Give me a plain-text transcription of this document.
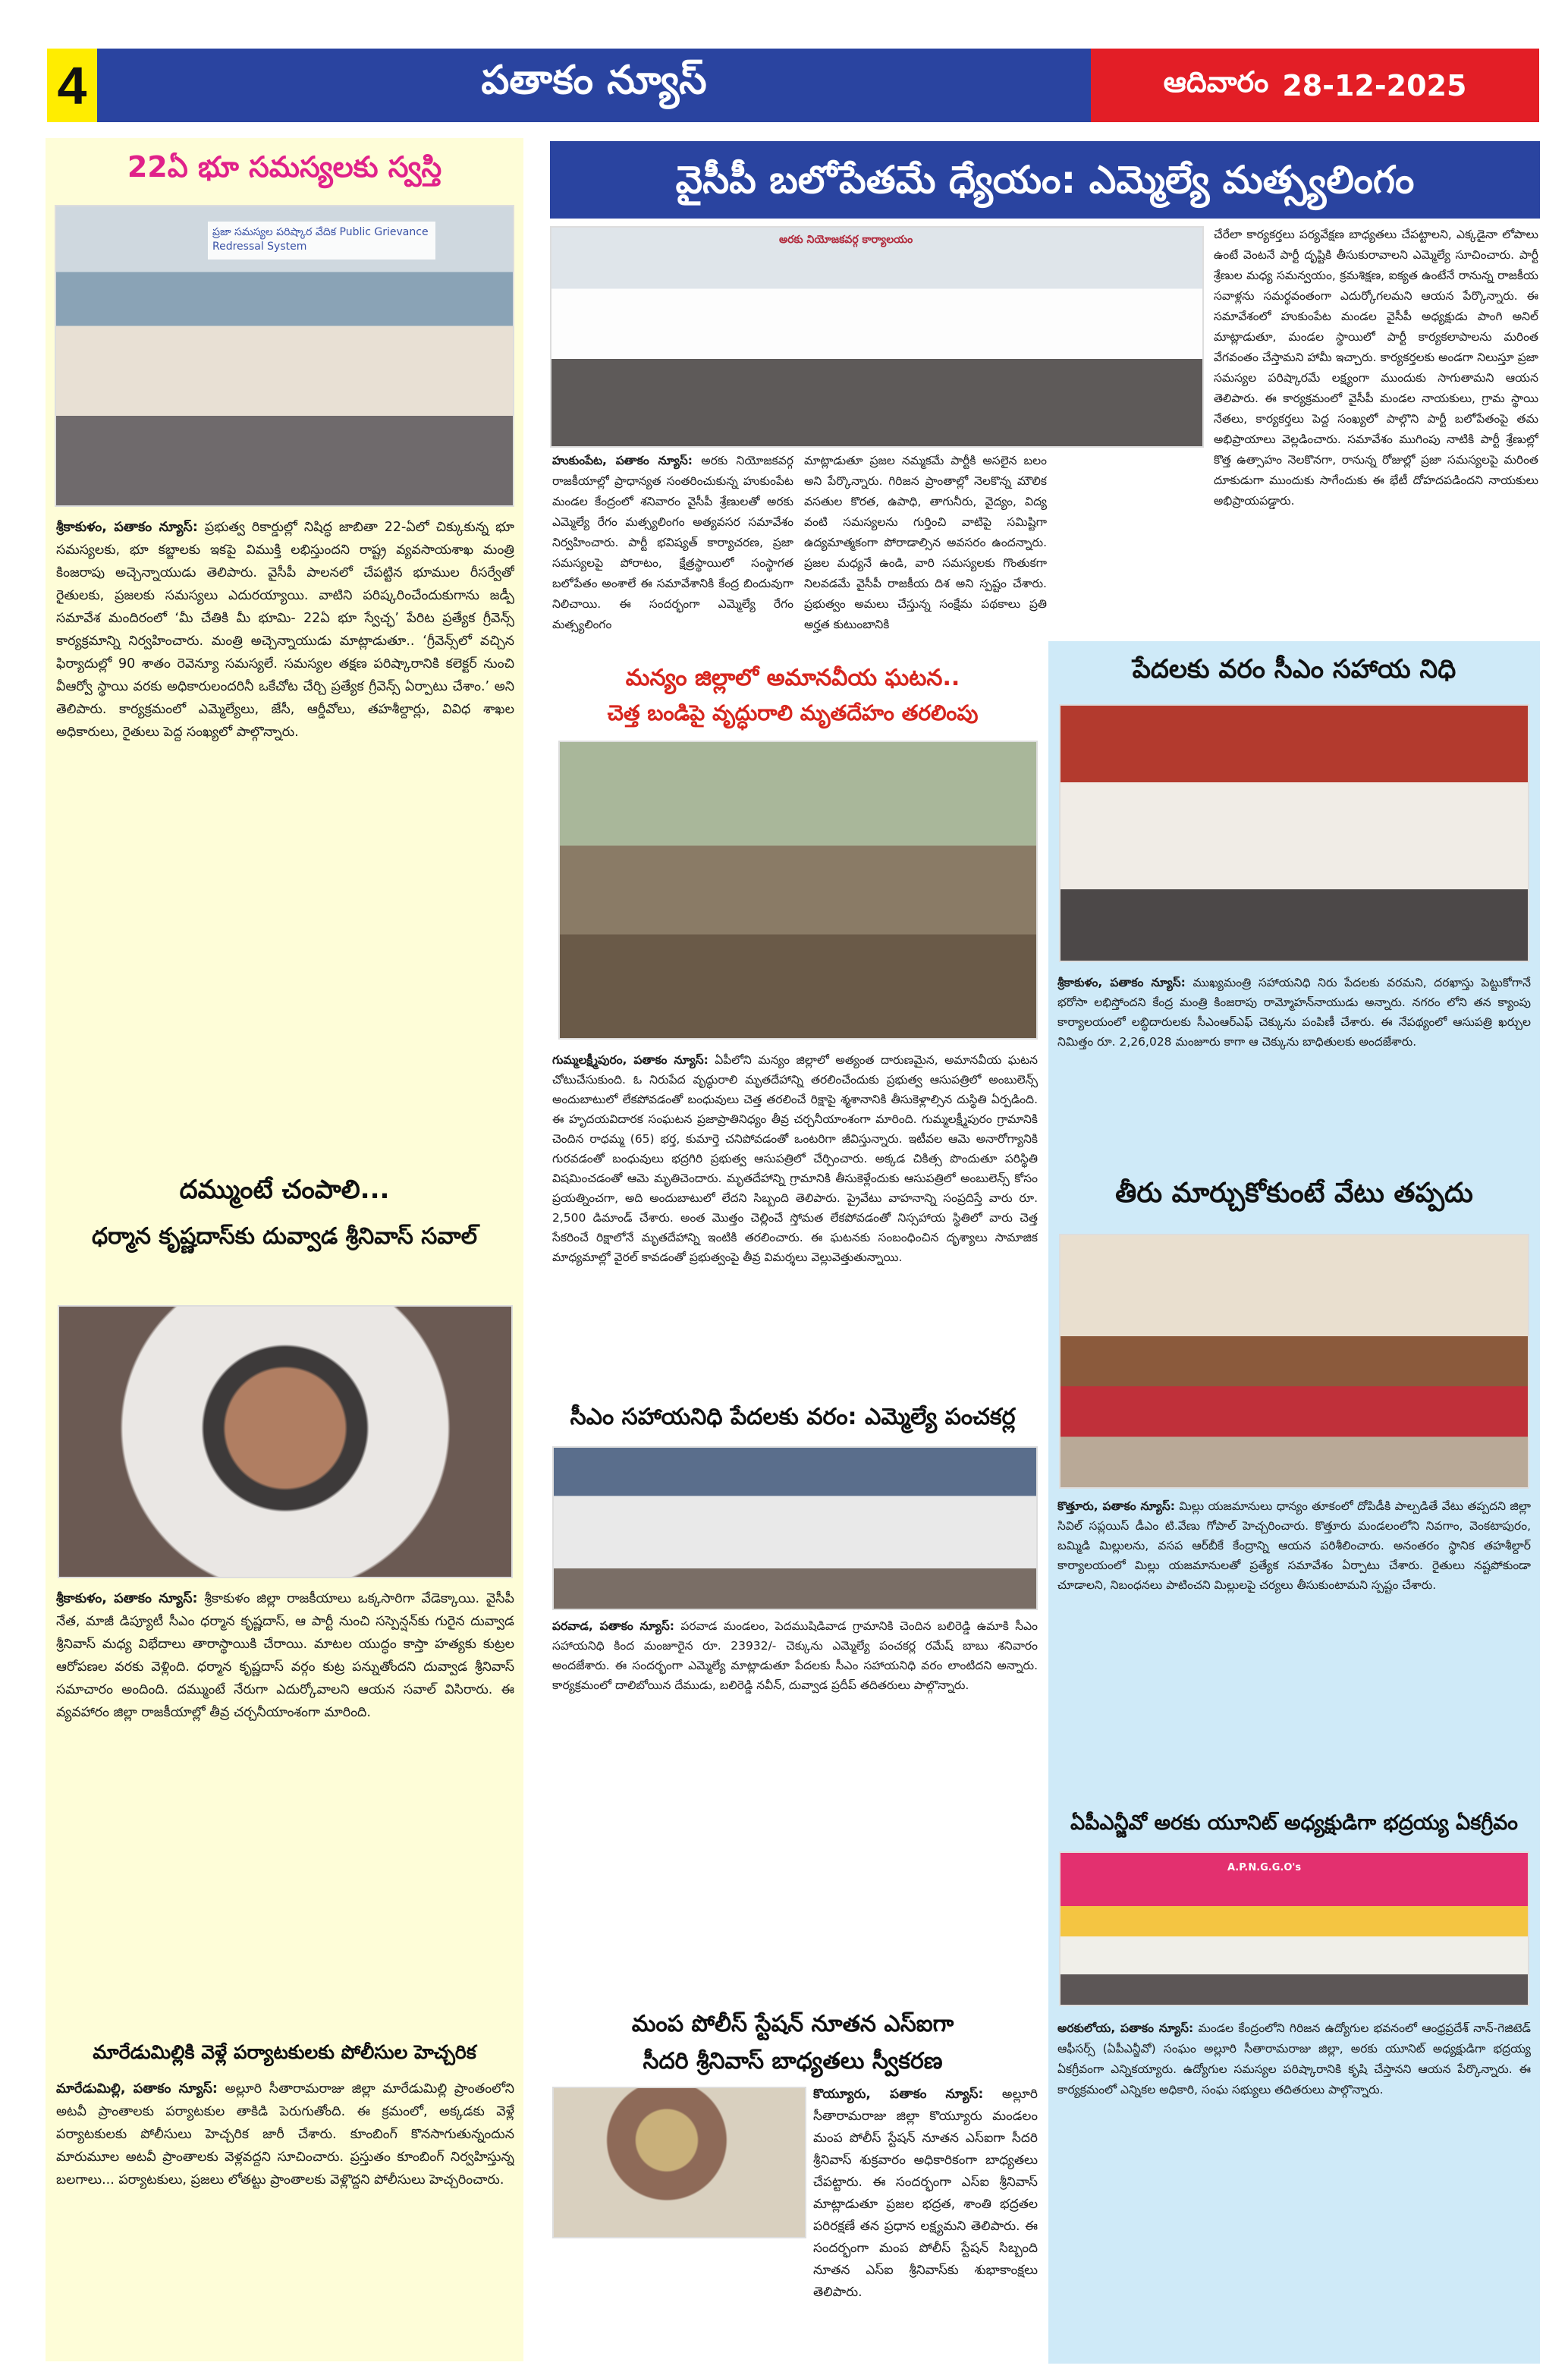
4	పతాకం న్యూస్	ఆదివారం 28-12-2025
22ఏ భూ సమస్యలకు స్వస్తి
ప్రజా సమస్యల పరిష్కార వేదిక Public Grievance Redressal System
శ్రీకాకుళం, పతాకం న్యూస్: ప్రభుత్వ రికార్డుల్లో నిషిద్ధ జాబితా 22-ఏలో చిక్కుకున్న భూ సమస్యలకు, భూ కబ్జాలకు ఇకపై విముక్తి లభిస్తుందని రాష్ట్ర వ్యవసాయశాఖ మంత్రి కింజరాపు అచ్చెన్నాయుడు తెలిపారు. వైసీపీ పాలనలో చేపట్టిన భూముల రీసర్వేతో రైతులకు, ప్రజలకు సమస్యలు ఎదురయ్యాయి. వాటిని పరిష్కరించేందుకుగాను జడ్పీ సమావేశ మందిరంలో ‘మీ చేతికి మీ భూమి- 22ఏ భూ స్వేచ్ఛ’ పేరిట ప్రత్యేక గ్రీవెన్స్ కార్యక్రమాన్ని నిర్వహించారు. మంత్రి అచ్చెన్నాయుడు మాట్లాడుతూ.. ‘గ్రీవెన్స్‌లో వచ్చిన ఫిర్యాదుల్లో 90 శాతం రెవెన్యూ సమస్యలే. సమస్యల తక్షణ పరిష్కారానికి కలెక్టర్ నుంచి వీఆర్వో స్థాయి వరకు అధికారులందరినీ ఒకేచోట చేర్చి ప్రత్యేక గ్రీవెన్స్ ఏర్పాటు చేశాం.’ అని తెలిపారు. కార్యక్రమంలో ఎమ్మెల్యేలు, జేసీ, ఆర్డీవోలు, తహశీల్దార్లు, వివిధ శాఖల అధికారులు, రైతులు పెద్ద సంఖ్యలో పాల్గొన్నారు.
దమ్ముంటే చంపాలి...
ధర్మాన కృష్ణదాస్‌కు దువ్వాడ శ్రీనివాస్ సవాల్
శ్రీకాకుళం, పతాకం న్యూస్: శ్రీకాకుళం జిల్లా రాజకీయాలు ఒక్కసారిగా వేడెక్కాయి. వైసీపీ నేత, మాజీ డిప్యూటీ సీఎం ధర్మాన కృష్ణదాస్, ఆ పార్టీ నుంచి సస్పెన్షన్‌కు గురైన దువ్వాడ శ్రీనివాస్ మధ్య విభేదాలు తారాస్థాయికి చేరాయి. మాటల యుద్ధం కాస్తా హత్యకు కుట్రల ఆరోపణల వరకు వెళ్లింది. ధర్మాన కృష్ణదాస్ వర్గం కుట్ర పన్నుతోందని దువ్వాడ శ్రీనివాస్ సమాచారం అందింది. దమ్ముంటే నేరుగా ఎదుర్కోవాలని ఆయన సవాల్ విసిరారు. ఈ వ్యవహారం జిల్లా రాజకీయాల్లో తీవ్ర చర్చనీయాంశంగా మారింది.
మారేడుమిల్లికి వెళ్లే పర్యాటకులకు పోలీసుల హెచ్చరిక
మారేడుమిల్లి, పతాకం న్యూస్: అల్లూరి సీతారామరాజు జిల్లా మారేడుమిల్లి ప్రాంతంలోని అటవీ ప్రాంతాలకు పర్యాటకుల తాకిడి పెరుగుతోంది. ఈ క్రమంలో, అక్కడకు వెళ్లే పర్యాటకులకు పోలీసులు హెచ్చరిక జారీ చేశారు. కూంబింగ్ కొనసాగుతున్నందున మారుమూల అటవీ ప్రాంతాలకు వెళ్లవద్దని సూచించారు. ప్రస్తుతం కూంబింగ్ నిర్వహిస్తున్న బలగాలు... పర్యాటకులు, ప్రజలు లోతట్టు ప్రాంతాలకు వెళ్లొద్దని పోలీసులు హెచ్చరించారు.
వైసీపీ బలోపేతమే ధ్యేయం: ఎమ్మెల్యే మత్స్యలింగం
అరకు నియోజకవర్గ కార్యాలయం
హుకుంపేట, పతాకం న్యూస్: అరకు నియోజకవర్గ రాజకీయాల్లో ప్రాధాన్యత సంతరించుకున్న హుకుంపేట మండల కేంద్రంలో శనివారం వైసీపీ శ్రేణులతో అరకు ఎమ్మెల్యే రేగం మత్స్యలింగం అత్యవసర సమావేశం నిర్వహించారు. పార్టీ భవిష్యత్ కార్యాచరణ, ప్రజా సమస్యలపై పోరాటం, క్షేత్రస్థాయిలో సంస్థాగత బలోపేతం అంశాలే ఈ సమావేశానికి కేంద్ర బిందువుగా నిలిచాయి. ఈ సందర్భంగా ఎమ్మెల్యే రేగం మత్స్యలింగం
మాట్లాడుతూ ప్రజల నమ్మకమే పార్టీకి అసలైన బలం అని పేర్కొన్నారు. గిరిజన ప్రాంతాల్లో నెలకొన్న మౌలిక వసతుల కొరత, ఉపాధి, తాగునీరు, వైద్యం, విద్య వంటి సమస్యలను గుర్తించి వాటిపై సమిష్టిగా ఉద్యమాత్మకంగా పోరాడాల్సిన అవసరం ఉందన్నారు. ప్రజల మధ్యనే ఉండి, వారి సమస్యలకు గొంతుకగా నిలవడమే వైసీపీ రాజకీయ దిశ అని స్పష్టం చేశారు. ప్రభుత్వం అమలు చేస్తున్న సంక్షేమ పథకాలు ప్రతి అర్హత కుటుంబానికి
చేరేలా కార్యకర్తలు పర్యవేక్షణ బాధ్యతలు చేపట్టాలని, ఎక్కడైనా లోపాలు ఉంటే వెంటనే పార్టీ దృష్టికి తీసుకురావాలని ఎమ్మెల్యే సూచించారు. పార్టీ శ్రేణుల మధ్య సమన్వయం, క్రమశిక్షణ, ఐక్యత ఉంటేనే రానున్న రాజకీయ సవాళ్లను సమర్థవంతంగా ఎదుర్కోగలమని ఆయన పేర్కొన్నారు. ఈ సమావేశంలో హుకుంపేట మండల వైసీపీ అధ్యక్షుడు పాంగి అనిల్ మాట్లాడుతూ, మండల స్థాయిలో పార్టీ కార్యకలాపాలను మరింత వేగవంతం చేస్తామని హామీ ఇచ్చారు. కార్యకర్తలకు అండగా నిలుస్తూ ప్రజా సమస్యల పరిష్కారమే లక్ష్యంగా ముందుకు సాగుతామని ఆయన తెలిపారు. ఈ కార్యక్రమంలో వైసీపీ మండల నాయకులు, గ్రామ స్థాయి నేతలు, కార్యకర్తలు పెద్ద సంఖ్యలో పాల్గొని పార్టీ బలోపేతంపై తమ అభిప్రాయాలు వెల్లడించారు. సమావేశం ముగింపు నాటికి పార్టీ శ్రేణుల్లో కొత్త ఉత్సాహం నెలకొనగా, రానున్న రోజుల్లో ప్రజా సమస్యలపై మరింత దూకుడుగా ముందుకు సాగేందుకు ఈ భేటీ దోహదపడిందని నాయకులు అభిప్రాయపడ్డారు.
మన్యం జిల్లాలో అమానవీయ ఘటన..
చెత్త బండిపై వృద్ధురాలి మృతదేహం తరలింపు
గుమ్మలక్ష్మీపురం, పతాకం న్యూస్: ఏపీలోని మన్యం జిల్లాలో అత్యంత దారుణమైన, అమానవీయ ఘటన చోటుచేసుకుంది. ఓ నిరుపేద వృద్ధురాలి మృతదేహాన్ని తరలించేందుకు ప్రభుత్వ ఆసుపత్రిలో అంబులెన్స్ అందుబాటులో లేకపోవడంతో బంధువులు చెత్త తరలించే రిక్షాపై శ్మశానానికి తీసుకెళ్లాల్సిన దుస్థితి ఏర్పడింది. ఈ హృదయవిదారక సంఘటన ప్రజాప్రాతినిధ్యం తీవ్ర చర్చనీయాంశంగా మారింది. గుమ్మలక్ష్మీపురం గ్రామానికి చెందిన రాధమ్మ (65) భర్త, కుమార్తె చనిపోవడంతో ఒంటరిగా జీవిస్తున్నారు. ఇటీవల ఆమె అనారోగ్యానికి గురవడంతో బంధువులు భద్రగిరి ప్రభుత్వ ఆసుపత్రిలో చేర్పించారు. అక్కడ చికిత్స పొందుతూ పరిస్థితి విషమించడంతో ఆమె మృతిచెందారు. మృతదేహాన్ని గ్రామానికి తీసుకెళ్లేందుకు ఆసుపత్రిలో అంబులెన్స్ కోసం ప్రయత్నించగా, అది అందుబాటులో లేదని సిబ్బంది తెలిపారు. ప్రైవేటు వాహనాన్ని సంప్రదిస్తే వారు రూ. 2,500 డిమాండ్ చేశారు. అంత మొత్తం చెల్లించే స్తోమత లేకపోవడంతో నిస్సహాయ స్థితిలో వారు చెత్త సేకరించే రిక్షాలోనే మృతదేహాన్ని ఇంటికి తరలించారు. ఈ ఘటనకు సంబంధించిన దృశ్యాలు సామాజిక మాధ్యమాల్లో వైరల్ కావడంతో ప్రభుత్వంపై తీవ్ర విమర్శలు వెల్లువెత్తుతున్నాయి.
సీఎం సహాయనిధి పేదలకు వరం: ఎమ్మెల్యే పంచకర్ల
పరవాడ, పతాకం న్యూస్: పరవాడ మండలం, పెదముషిడివాడ గ్రామానికి చెందిన బలిరెడ్డి ఉమాకి సీఎం సహాయనిధి కింద మంజూరైన రూ. 23932/- చెక్కును ఎమ్మెల్యే పంచకర్ల రమేష్ బాబు శనివారం అందజేశారు. ఈ సందర్భంగా ఎమ్మెల్యే మాట్లాడుతూ పేదలకు సీఎం సహాయనిధి వరం లాంటిదని అన్నారు. కార్యక్రమంలో దాలిబోయిన దేముడు, బలిరెడ్డి నవీన్, దువ్వాడ ప్రదీప్ తదితరులు పాల్గొన్నారు.
మంప పోలీస్ స్టేషన్ నూతన ఎస్ఐగా
సీదరి శ్రీనివాస్ బాధ్యతలు స్వీకరణ
కొయ్యూరు, పతాకం న్యూస్: అల్లూరి సీతారామరాజు జిల్లా కొయ్యూరు మండలం మంప పోలీస్ స్టేషన్ నూతన ఎస్ఐగా సీదరి శ్రీనివాస్ శుక్రవారం అధికారికంగా బాధ్యతలు చేపట్టారు. ఈ సందర్భంగా ఎస్ఐ శ్రీనివాస్ మాట్లాడుతూ ప్రజల భద్రత, శాంతి భద్రతల పరిరక్షణే తన ప్రధాన లక్ష్యమని తెలిపారు. ఈ సందర్భంగా మంప పోలీస్ స్టేషన్ సిబ్బంది నూతన ఎస్ఐ శ్రీనివాస్‌కు శుభాకాంక్షలు తెలిపారు.
పేదలకు వరం సీఎం సహాయ నిధి
శ్రీకాకుళం, పతాకం న్యూస్: ముఖ్యమంత్రి సహాయనిధి నిరు పేదలకు వరమని, దరఖాస్తు పెట్టుకోగానే భరోసా లభిస్తోందని కేంద్ర మంత్రి కింజరాపు రామ్మోహన్‌నాయుడు అన్నారు. నగరం లోని తన క్యాంపు కార్యాలయంలో లబ్ధిదారులకు సీఎంఆర్ఎఫ్ చెక్కును పంపిణీ చేశారు. ఈ నేపథ్యంలో ఆసుపత్రి ఖర్చుల నిమిత్తం రూ. 2,26,028 మంజూరు కాగా ఆ చెక్కును బాధితులకు అందజేశారు.
తీరు మార్చుకోకుంటే వేటు తప్పదు
కొత్తూరు, పతాకం న్యూస్: మిల్లు యజమానులు ధాన్యం తూకంలో దోపిడీకి పాల్పడితే వేటు తప్పదని జిల్లా సివిల్ సప్లయిస్ డీఎం టి.వేణు గోపాల్ హెచ్చరించారు. కొత్తూరు మండలంలోని నివగాం, వెంకటాపురం, బమ్మిడి మిల్లులను, వసప ఆర్‌బీకే కేంద్రాన్ని ఆయన పరిశీలించారు. అనంతరం స్థానిక తహశీల్దార్ కార్యాలయంలో మిల్లు యజమానులతో ప్రత్యేక సమావేశం ఏర్పాటు చేశారు. రైతులు నష్టపోకుండా చూడాలని, నిబంధనలు పాటించని మిల్లులపై చర్యలు తీసుకుంటామని స్పష్టం చేశారు.
ఏపీఎన్జీవో అరకు యూనిట్ అధ్యక్షుడిగా భద్రయ్య ఏకగ్రీవం
A.P.N.G.G.O's
అరకులోయ, పతాకం న్యూస్: మండల కేంద్రంలోని గిరిజన ఉద్యోగుల భవనంలో ఆంధ్రప్రదేశ్ నాన్-గెజిటెడ్ ఆఫీసర్స్ (ఏపీఎన్జీవో) సంఘం అల్లూరి సీతారామరాజు జిల్లా, అరకు యూనిట్ అధ్యక్షుడిగా భద్రయ్య ఏకగ్రీవంగా ఎన్నికయ్యారు. ఉద్యోగుల సమస్యల పరిష్కారానికి కృషి చేస్తానని ఆయన పేర్కొన్నారు. ఈ కార్యక్రమంలో ఎన్నికల అధికారి, సంఘ సభ్యులు తదితరులు పాల్గొన్నారు.
